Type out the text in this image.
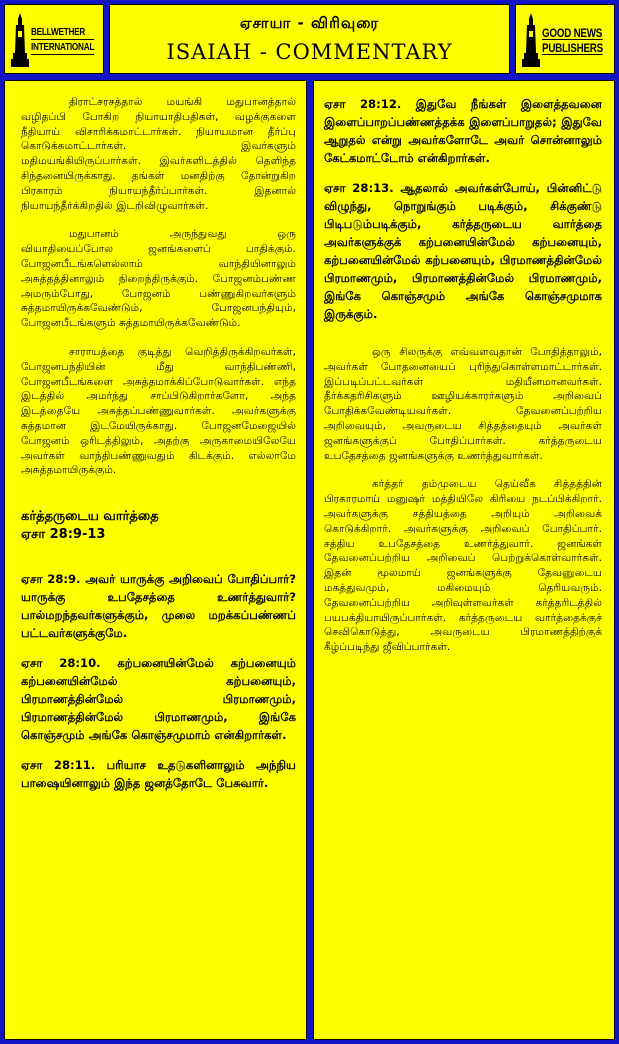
BELLWETHER
INTERNATIONAL
ஏசாயா - விரிவுரை
ISAIAH - COMMENTARY
GOOD NEWS
PUBLISHERS

திராட்சரசத்தால் மயங்கி மதுபானத்தால் வழிதப்பி போகிற நியாயாதிபதிகள், வழக்குகளை நீதியாய் விசாரிக்கமாட்டார்கள். நியாயமான தீர்ப்பு கொடுக்கமாட்டார்கள். இவர்களும் மதிமயங்கியிருப்பார்கள். இவர்களிடத்தில் தெளிந்த சிந்தனையிருக்காது. தங்கள் மனதிற்கு தோன்றுகிற பிரகாரம் நியாயந்தீர்ப்பார்கள். இதனால் நியாயந்தீர்க்கிறதில் இடறிவிழுவார்கள்.

மதுபானம் அருந்துவது ஒரு வியாதியைப்போல ஜனங்களைப் பாதிக்கும். போஜனபீடங்களெல்லாம் வாந்தியினாலும் அசுத்தத்தினாலும் நிறைந்திருக்கும். போஜனம்பண்ண அமரும்போது, போஜனம் பண்ணுகிறவர்களும் சுத்தமாயிருக்கவேண்டும், போஜனபந்தியும், போஜனபீடங்களும் சுத்தமாயிருக்கவேண்டும்.

சாராயத்தை குடித்து வெறித்திருக்கிறவர்கள், போஜனபந்தியின் மீது வாந்திபண்ணி, போஜனபீடங்களை அசுத்தமாக்கிப்போடுவார்கள். எந்த இடத்தில் அமர்ந்து சாப்பிடுகிறார்களோ, அந்த இடத்தையே அசுத்தப்பண்ணுவார்கள். அவர்களுக்கு சுத்தமான இடமேயிருக்காது. போஜனமேஜையில் போஜனம் ஒரிடத்திலும், அதற்கு அருகாமையிலேயே அவர்கள் வாந்திபண்ணுவதும் கிடக்கும். எல்லாமே அசுத்தமாயிருக்கும்.

கர்த்தருடைய வார்த்தை
ஏசா 28:9-13

ஏசா 28:9. அவர் யாருக்கு அறிவைப் போதிப்பார்? யாருக்கு உபதேசத்தை உணர்த்துவார்? பால்மறந்தவர்களுக்கும், முலை மறக்கப்பண்ணப் பட்டவர்களுக்குமே.

ஏசா 28:10. கற்பனையின்மேல் கற்பனையும் கற்பனையின்மேல் கற்பனையும், பிரமாணத்தின்மேல் பிரமாணமும், பிரமாணத்தின்மேல் பிரமாணமும், இங்கே கொஞ்சமும் அங்கே கொஞ்சமுமாம் என்கிறார்கள்.

ஏசா 28:11. பரியாச உதடுகளினாலும் அந்நிய பாஷையினாலும் இந்த ஜனத்தோடே பேசுவார்.

ஏசா 28:12. இதுவே நீங்கள் இளைத்தவனை இளைப்பாறப்பண்ணத்தக்க இளைப்பாறுதல்; இதுவே ஆறுதல் என்று அவர்களோடே அவர் சொன்னாலும் கேட்கமாட்டோம் என்கிறார்கள்.

ஏசா 28:13. ஆதலால் அவர்கள்போய், பின்னிட்டு விழுந்து, நொறுங்கும் படிக்கும், சிக்குண்டு பிடிபடும்படிக்கும், கர்த்தருடைய வார்த்தை அவர்களுக்குக் கற்பனையின்மேல் கற்பனையும், கற்பனையின்மேல் கற்பனையும், பிரமாணத்தின்மேல் பிரமாணமும், பிரமாணத்தின்மேல் பிரமாணமும், இங்கே கொஞ்சமும் அங்கே கொஞ்சமுமாக இருக்கும்.

ஒரு சிலருக்கு எவ்வளவுதான் போதித்தாலும், அவர்கள் போதனையைப் புரிந்துகொள்ளமாட்டார்கள். இப்படிப்பட்டவர்கள் மதியீனமானவர்கள். தீர்க்கதரிசிகளும் ஊழியக்காரர்களும் அறிவைப் போதிக்கவேண்டியவர்கள். தேவனைப்பற்றிய அறிவையும், அவருடைய சித்தத்தையும் அவர்கள் ஜனங்களுக்குப் போதிப்பார்கள். கர்த்தருடைய உபதேசத்தை ஜனங்களுக்கு உணர்த்துவார்கள்.

கர்த்தர் தம்முடைய தெய்வீக சித்தத்தின் பிரகாரமாய் மனுஷர் மத்தியிலே கிரியை நடப்பிக்கிறார். அவர்களுக்கு சத்தியத்தை அறியும் அறிவைக் கொடுக்கிறார். அவர்களுக்கு அறிவைப் போதிப்பார். சத்திய உபதேசத்தை உணர்த்துவார். ஜனங்கள் தேவனைப்பற்றிய அறிவைப் பெற்றுக்கொள்வார்கள். இதன் மூலமாய் ஜனங்களுக்கு தேவனுடைய மகத்துவமும், மகிமையும் தெரியவரும். தேவனைப்பற்றிய அறிவுள்ளவர்கள் கர்த்தரிடத்தில் பயபக்தியாயிருப்பார்கள். கர்த்தருடைய வார்த்தைக்குச் செவிகொடுத்து, அவருடைய பிரமாணத்திற்குக் கீழ்ப்படிந்து ஜீவிப்பார்கள்.
